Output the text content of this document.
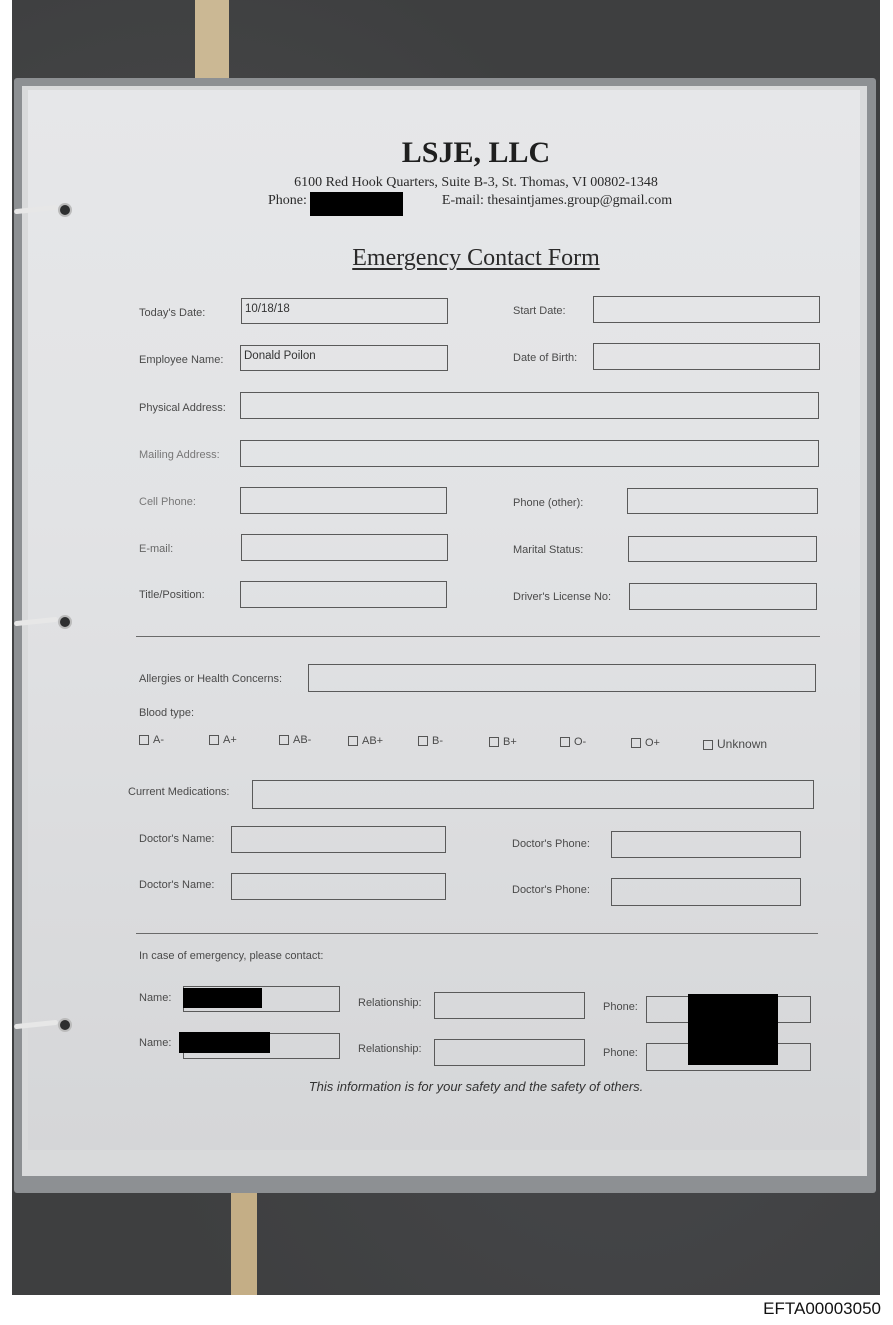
LSJE, LLC
6100 Red Hook Quarters, Suite B-3, St. Thomas, VI 00802-1348
Phone:	E-mail: thesaintjames.group@gmail.com
Emergency Contact Form
Today's Date:	10/18/18	Start Date:
Employee Name:	Donald Poilon	Date of Birth:
Physical Address:
Mailing Address:
Cell Phone:	Phone (other):
E-mail:	Marital Status:
Title/Position:	Driver's License No:
Allergies or Health Concerns:
Blood type:
A-	A+	AB-	AB+	B-	B+	O-	O+	Unknown
Current Medications:
Doctor's Name:	Doctor's Phone:
Doctor's Name:	Doctor's Phone:
In case of emergency, please contact:
Name:	Relationship:	Phone:
Name:	Relationship:	Phone:
This information is for your safety and the safety of others.
EFTA00003050
